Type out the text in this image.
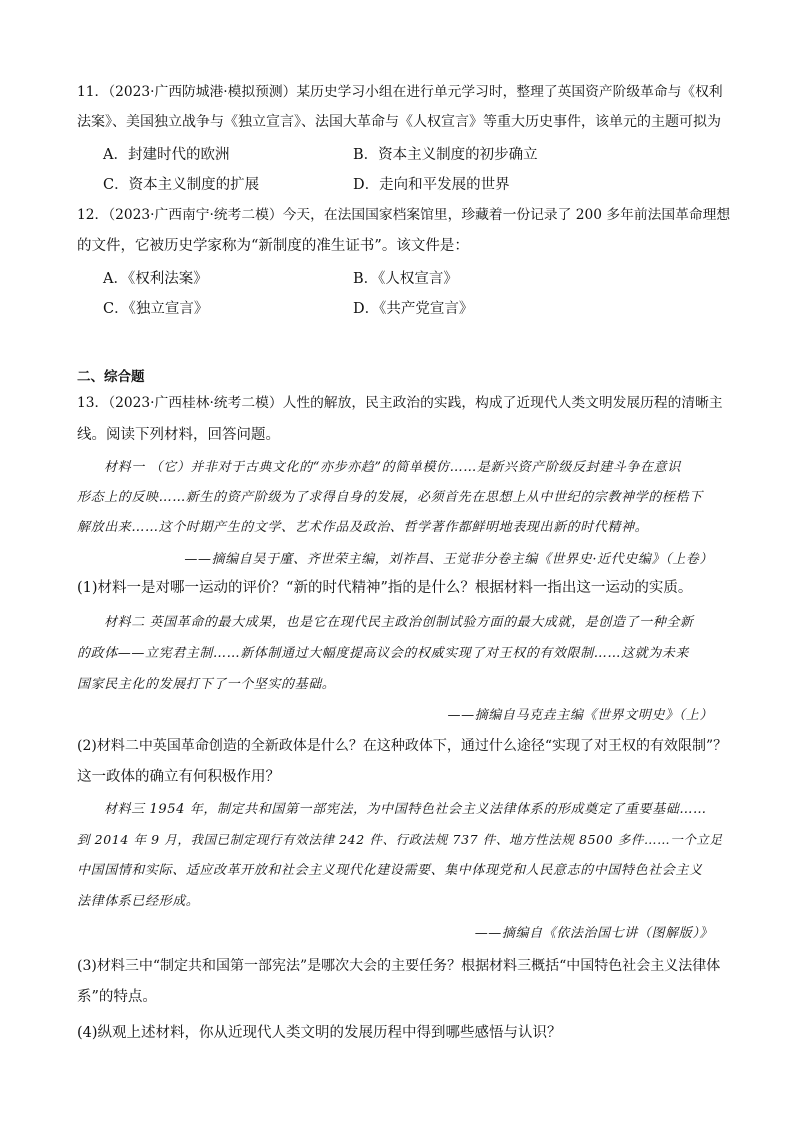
11．（2023·广西防城港·模拟预测）某历史学习小组在进行单元学习时，整理了英国资产阶级革命与《权利
法案》、美国独立战争与《独立宣言》、法国大革命与《人权宣言》等重大历史事件，该单元的主题可拟为
A．封建时代的欧洲	B．资本主义制度的初步确立
C．资本主义制度的扩展	D．走向和平发展的世界
12．（2023·广西南宁·统考二模）今天，在法国国家档案馆里，珍藏着一份记录了 200 多年前法国革命理想
的文件，它被历史学家称为“新制度的准生证书”。该文件是：
A．《权利法案》	B．《人权宣言》
C．《独立宣言》	D．《共产党宣言》
二、综合题
13．（2023·广西桂林·统考二模）人性的解放，民主政治的实践，构成了近现代人类文明发展历程的清晰主
线。阅读下列材料，回答问题。
材料一 （它）并非对于古典文化的“亦步亦趋”的简单模仿……是新兴资产阶级反封建斗争在意识
形态上的反映……新生的资产阶级为了求得自身的发展，必须首先在思想上从中世纪的宗教神学的桎梏下
解放出来……这个时期产生的文学、艺术作品及政治、哲学著作都鲜明地表现出新的时代精神。
——摘编自吴于廑、齐世荣主编，刘祚昌、王觉非分卷主编《世界史·近代史编》（上卷）
(1)材料一是对哪一运动的评价？“新的时代精神”指的是什么？根据材料一指出这一运动的实质。
材料二 英国革命的最大成果，也是它在现代民主政治创制试验方面的最大成就，是创造了一种全新
的政体——立宪君主制……新体制通过大幅度提高议会的权威实现了对王权的有效限制……这就为未来
国家民主化的发展打下了一个坚实的基础。
——摘编自马克垚主编《世界文明史》（上）
(2)材料二中英国革命创造的全新政体是什么？在这种政体下，通过什么途径“实现了对王权的有效限制”？
这一政体的确立有何积极作用？
材料三 1954 年，制定共和国第一部宪法，为中国特色社会主义法律体系的形成奠定了重要基础……
到 2014 年 9 月，我国已制定现行有效法律 242 件、行政法规 737 件、地方性法规 8500 多件……一个立足
中国国情和实际、适应改革开放和社会主义现代化建设需要、集中体现党和人民意志的中国特色社会主义
法律体系已经形成。
——摘编自《依法治国七讲（图解版）》
(3)材料三中“制定共和国第一部宪法”是哪次大会的主要任务？根据材料三概括“中国特色社会主义法律体
系”的特点。
(4)纵观上述材料，你从近现代人类文明的发展历程中得到哪些感悟与认识？
